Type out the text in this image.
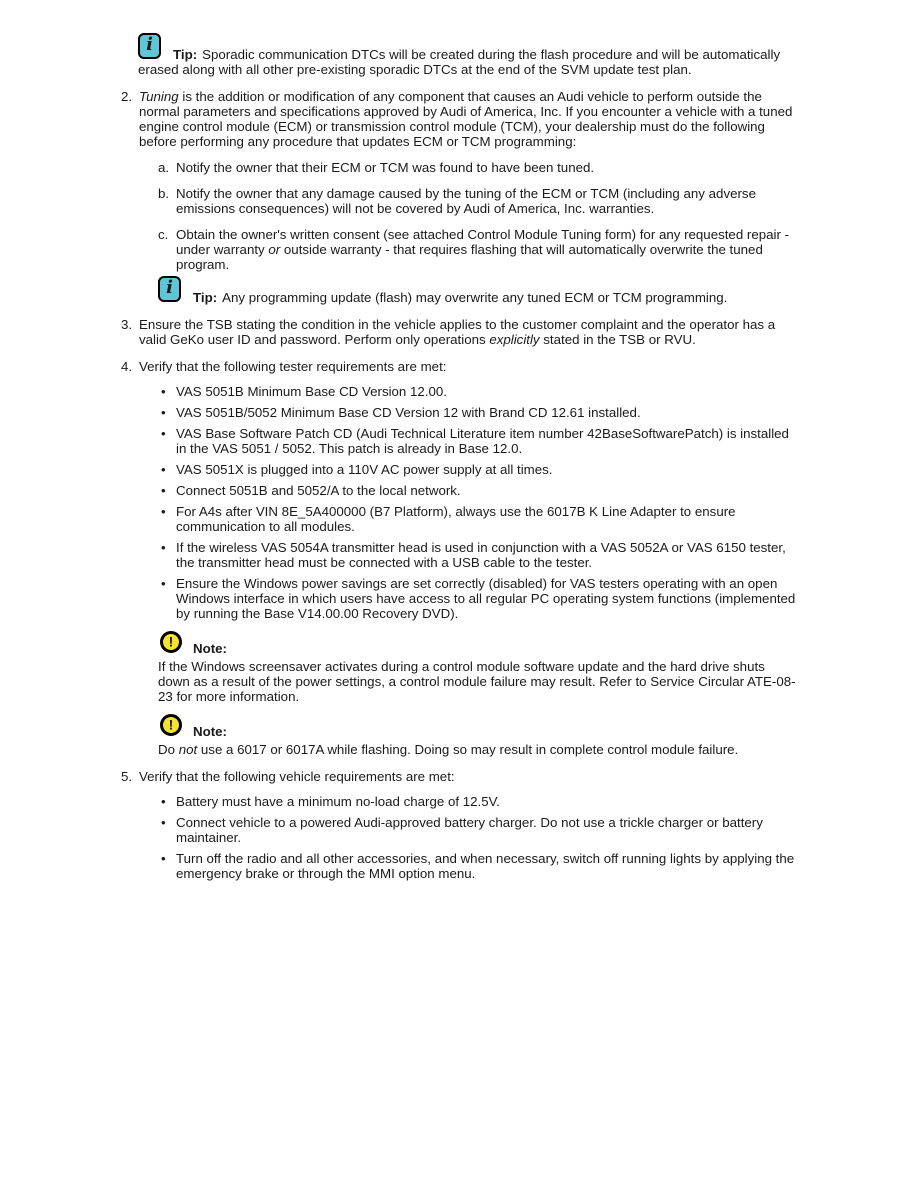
i	Tip: Sporadic communication DTCs will be created during the flash procedure and will be automatically erased along with all other pre-existing sporadic DTCs at the end of the SVM update test plan.

2. Tuning is the addition or modification of any component that causes an Audi vehicle to perform outside the normal parameters and specifications approved by Audi of America, Inc. If you encounter a vehicle with a tuned engine control module (ECM) or transmission control module (TCM), your dealership must do the following before performing any procedure that updates ECM or TCM programming:

a. Notify the owner that their ECM or TCM was found to have been tuned.

b. Notify the owner that any damage caused by the tuning of the ECM or TCM (including any adverse emissions consequences) will not be covered by Audi of America, Inc. warranties.

c. Obtain the owner's written consent (see attached Control Module Tuning form) for any requested repair - under warranty or outside warranty - that requires flashing that will automatically overwrite the tuned program.

i	Tip: Any programming update (flash) may overwrite any tuned ECM or TCM programming.

3. Ensure the TSB stating the condition in the vehicle applies to the customer complaint and the operator has a valid GeKo user ID and password. Perform only operations explicitly stated in the TSB or RVU.

4. Verify that the following tester requirements are met:

• VAS 5051B Minimum Base CD Version 12.00.

• VAS 5051B/5052 Minimum Base CD Version 12 with Brand CD 12.61 installed.

• VAS Base Software Patch CD (Audi Technical Literature item number 42BaseSoftwarePatch) is installed in the VAS 5051 / 5052. This patch is already in Base 12.0.

• VAS 5051X is plugged into a 110V AC power supply at all times.

• Connect 5051B and 5052/A to the local network.

• For A4s after VIN 8E_5A400000 (B7 Platform), always use the 6017B K Line Adapter to ensure communication to all modules.

• If the wireless VAS 5054A transmitter head is used in conjunction with a VAS 5052A or VAS 6150 tester, the transmitter head must be connected with a USB cable to the tester.

• Ensure the Windows power savings are set correctly (disabled) for VAS testers operating with an open Windows interface in which users have access to all regular PC operating system functions (implemented by running the Base V14.00.00 Recovery DVD).

! Note:

If the Windows screensaver activates during a control module software update and the hard drive shuts down as a result of the power settings, a control module failure may result. Refer to Service Circular ATE-08-23 for more information.

! Note:

Do not use a 6017 or 6017A while flashing. Doing so may result in complete control module failure.

5. Verify that the following vehicle requirements are met:

• Battery must have a minimum no-load charge of 12.5V.

• Connect vehicle to a powered Audi-approved battery charger. Do not use a trickle charger or battery maintainer.

• Turn off the radio and all other accessories, and when necessary, switch off running lights by applying the emergency brake or through the MMI option menu.
